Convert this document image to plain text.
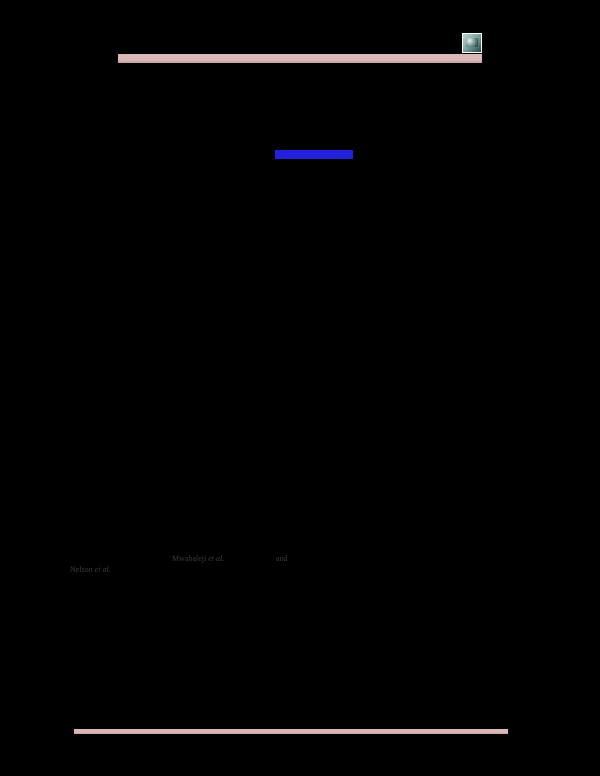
doi:10.1000/xxxxx
Mwabaleji et al.	and
Nelson et al.
